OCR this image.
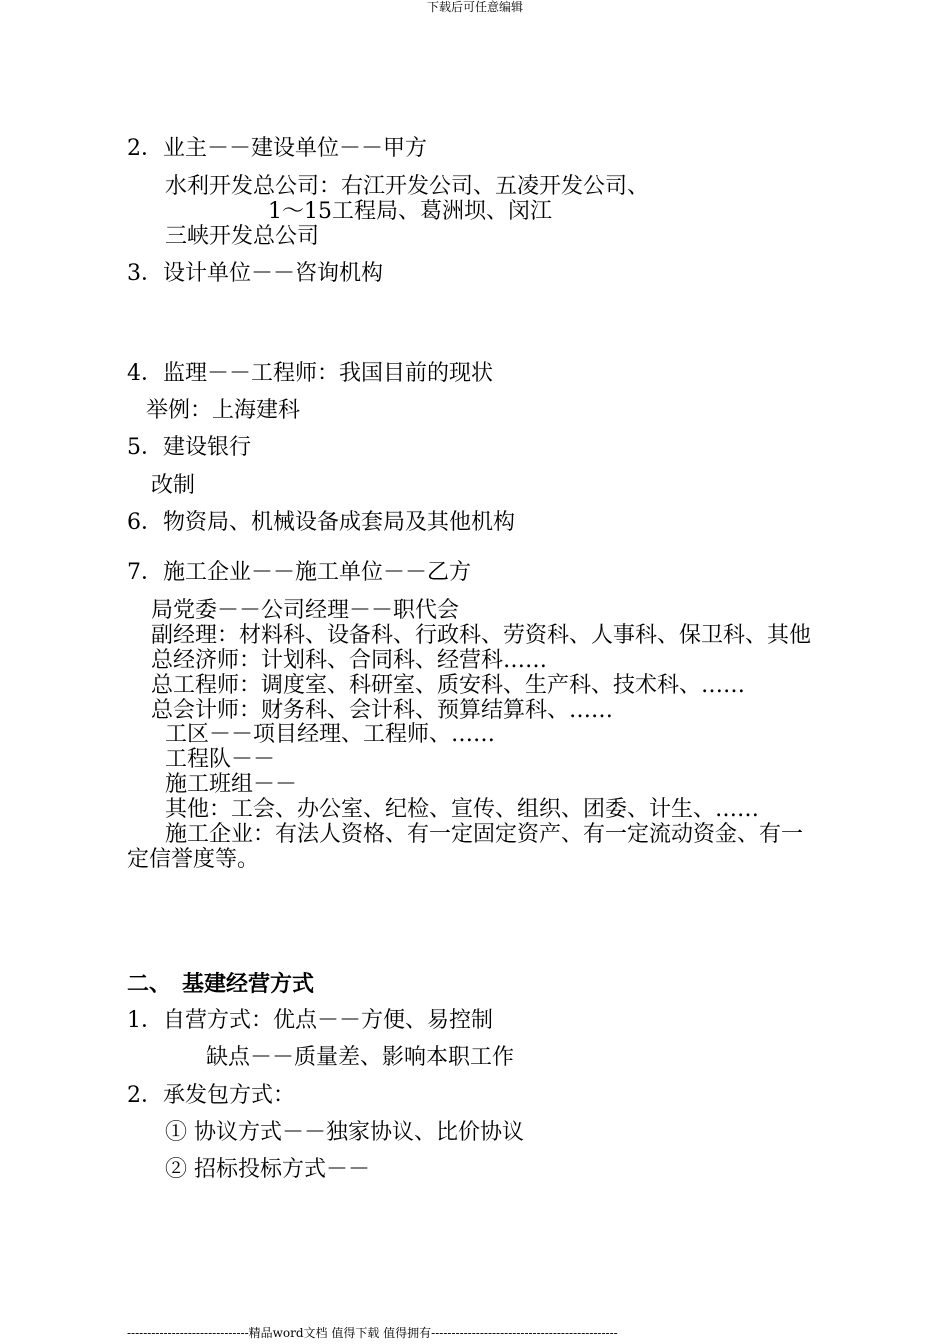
下载后可任意编辑
2．业主－－建设单位－－甲方
水利开发总公司：右江开发公司、五凌开发公司、
1～15工程局、葛洲坝、闵江
三峡开发总公司
3．设计单位－－咨询机构
4．监理－－工程师：我国目前的现状
举例：上海建科
5．建设银行
改制
6．物资局、机械设备成套局及其他机构
7．施工企业－－施工单位－－乙方
局党委－－公司经理－－职代会
副经理：材料科、设备科、行政科、劳资科、人事科、保卫科、其他
总经济师：计划科、合同科、经营科……
总工程师：调度室、科研室、质安科、生产科、技术科、……
总会计师：财务科、会计科、预算结算科、……
工区－－项目经理、工程师、……
工程队－－
施工班组－－
其他：工会、办公室、纪检、宣传、组织、团委、计生、……
施工企业：有法人资格、有一定固定资产、有一定流动资金、有一
定信誉度等。
二、　基建经营方式
1．自营方式：优点－－方便、易控制
缺点－－质量差、影响本职工作
2．承发包方式：
① 协议方式－－独家协议、比价协议
② 招标投标方式－－
------------------------------精品word文档 值得下载 值得拥有----------------------------------------------
